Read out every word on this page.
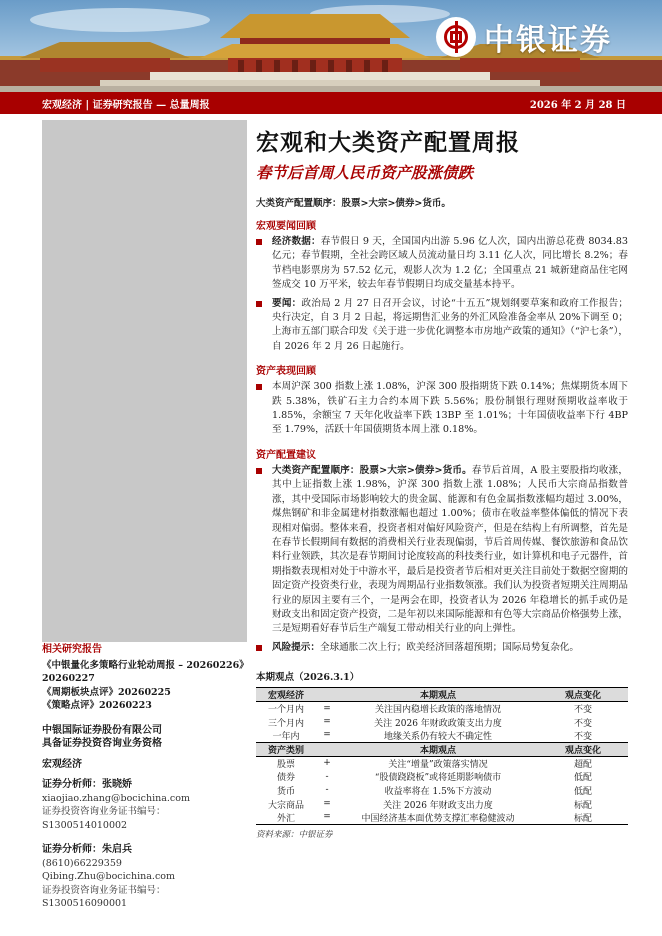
中银证券
宏观经济 | 证券研究报告 — 总量周报	2026 年 2 月 28 日
相关研究报告
《中银量化多策略行业轮动周报 – 20260226》20260227
《周期板块点评》20260225
《策略点评》20260223
中银国际证券股份有限公司
具备证券投资咨询业务资格
宏观经济
证券分析师：张晓娇
xiaojiao.zhang@bocichina.com
证券投资咨询业务证书编号：S1300514010002
证券分析师：朱启兵
(8610)66229359
Qibing.Zhu@bocichina.com
证券投资咨询业务证书编号：S1300516090001
宏观和大类资产配置周报
春节后首周人民币资产股涨债跌
大类资产配置顺序：股票>大宗>债券>货币。
宏观要闻回顾
经济数据：春节假日 9 天，全国国内出游 5.96 亿人次，国内出游总花费 8034.83 亿元；春节假期，全社会跨区域人员流动量日均 3.11 亿人次，同比增长 8.2%；春节档电影票房为 57.52 亿元，观影人次为 1.2 亿；全国重点 21 城新建商品住宅网签成交 10 万平米，较去年春节假期日均成交量基本持平。
要闻：政治局 2 月 27 日召开会议，讨论“十五五”规划纲要草案和政府工作报告；央行决定，自 3 月 2 日起，将远期售汇业务的外汇风险准备金率从 20%下调至 0；上海市五部门联合印发《关于进一步优化调整本市房地产政策的通知》（“沪七条”），自 2026 年 2 月 26 日起施行。
资产表现回顾
本周沪深 300 指数上涨 1.08%，沪深 300 股指期货下跌 0.14%；焦煤期货本周下跌 5.38%，铁矿石主力合约本周下跌 5.56%；股份制银行理财预期收益率收于 1.85%，余额宝 7 天年化收益率下跌 13BP 至 1.01%；十年国债收益率下行 4BP 至 1.79%，活跃十年国债期货本周上涨 0.18%。
资产配置建议
大类资产配置顺序：股票>大宗>债券>货币。春节后首周，A 股主要股指均收涨，其中上证指数上涨 1.98%，沪深 300 指数上涨 1.08%；人民币大宗商品指数普涨，其中受国际市场影响较大的贵金属、能源和有色金属指数涨幅均超过 3.00%，煤焦钢矿和非金属建材指数涨幅也超过 1.00%；债市在收益率整体偏低的情况下表现相对偏弱。整体来看，投资者相对偏好风险资产，但是在结构上有所调整，首先是在春节长假期间有数据的消费相关行业表现偏弱，节后首周传媒、餐饮旅游和食品饮料行业领跌，其次是春节期间讨论度较高的科技类行业，如计算机和电子元器件，首期指数表现相对处于中游水平，最后是投资者节后相对更关注目前处于数据空窗期的固定资产投资类行业，表现为周期品行业指数领涨。我们认为投资者短期关注周期品行业的原因主要有三个，一是两会在即，投资者认为 2026 年稳增长的抓手或仍是财政支出和固定资产投资，二是年初以来国际能源和有色等大宗商品价格强势上涨，三是短期看好春节后生产端复工带动相关行业的向上弹性。
风险提示：全球通胀二次上行；欧美经济回落超预期；国际局势复杂化。
本期观点（2026.3.1）
宏观经济		本期观点	观点变化
一个月内	=	关注国内稳增长政策的落地情况	不变
三个月内	=	关注 2026 年财政政策支出力度	不变
一年内	=	地缘关系仍有较大不确定性	不变
资产类别		本期观点	观点变化
股票	+	关注“增量”政策落实情况	超配
债券	-	“股债跷跷板”或将延期影响债市	低配
货币	-	收益率将在 1.5%下方波动	低配
大宗商品	=	关注 2026 年财政支出力度	标配
外汇	=	中国经济基本面优势支撑汇率稳健波动	标配
资料来源：中银证券
